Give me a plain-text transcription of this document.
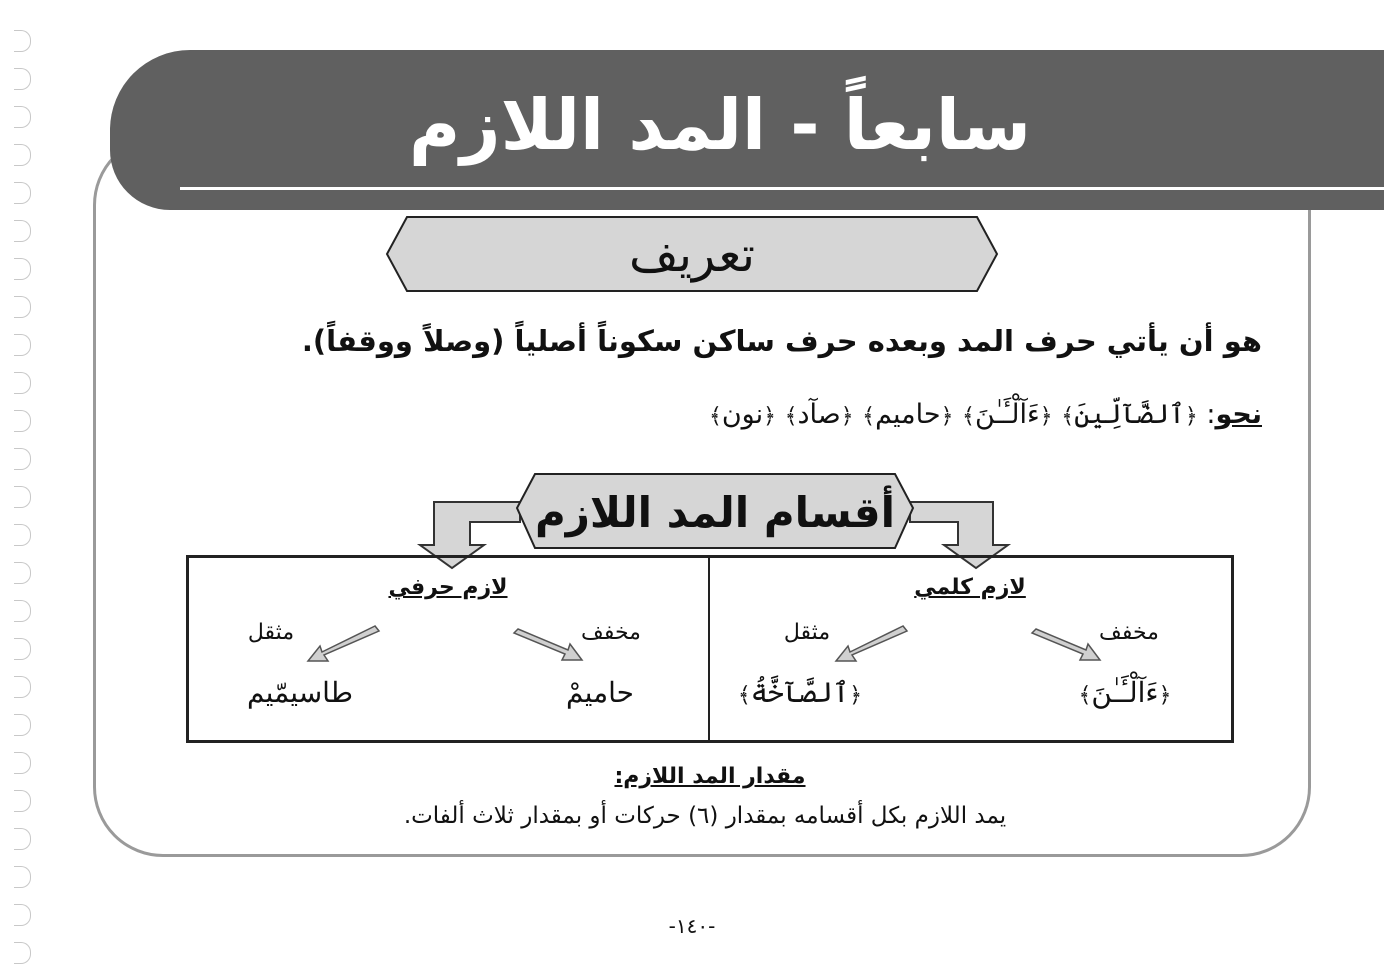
سابعاً - المد اللازم
تعريف
هو أن يأتي حرف المد وبعده حرف ساكن سكوناً أصلياً (وصلاً ووقفاً).
نحو: ﴿ٱلضَّآلِّينَ﴾ ﴿ءَآلْـَٔـٰنَ﴾ ﴿حاميم﴾ ﴿صآد﴾ ﴿نون﴾
أقسام المد اللازم
لازم كلمي
مخفف
مثقل
﴿ءَآلْـَٔـٰنَ﴾
﴿ٱلصَّآخَّةُ﴾
لازم حرفي
مخفف
مثقل
حاميمْ
طاسيمّيم
مقدار المد اللازم:
يمد اللازم بكل أقسامه بمقدار (٦) حركات أو بمقدار ثلاث ألفات.
-١٤٠-
